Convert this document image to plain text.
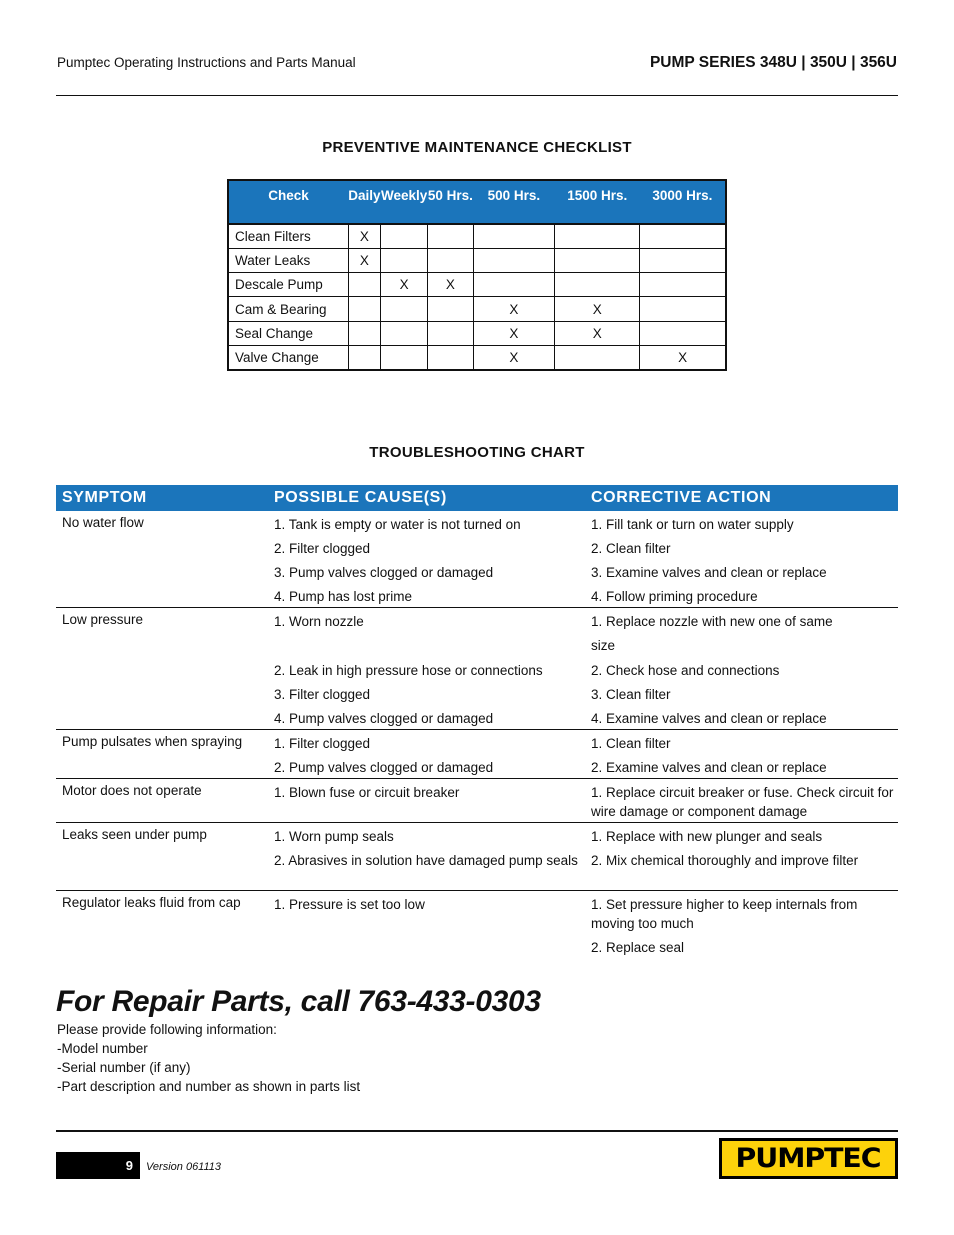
Pumptec Operating Instructions and Parts Manual	PUMP SERIES 348U | 350U | 356U
PREVENTIVE MAINTENANCE CHECKLIST
Check	Daily	Weekly	50 Hrs.	500 Hrs.	1500 Hrs.	3000 Hrs.
Clean Filters	X					
Water Leaks	X					
Descale Pump		X	X			
Cam & Bearing				X	X	
Seal Change				X	X	
Valve Change				X		X
TROUBLESHOOTING CHART
SYMPTOM	POSSIBLE CAUSE(S)	CORRECTIVE ACTION
No water flow	1. Tank is empty or water is not turned on	1. Fill tank or turn on water supply
2. Filter clogged	2. Clean filter
3. Pump valves clogged or damaged	3. Examine valves and clean or replace
4. Pump has lost prime	4. Follow priming procedure
Low pressure	1. Worn nozzle	1. Replace nozzle with new one of same
size
2. Leak in high pressure hose or connections	2. Check hose and connections
3. Filter clogged	3. Clean filter
4. Pump valves clogged or damaged	4. Examine valves and clean or replace
Pump pulsates when spraying	1. Filter clogged	1. Clean filter
2. Pump valves clogged or damaged	2. Examine valves and clean or replace
Motor does not operate	1. Blown fuse or circuit breaker	1. Replace circuit breaker or fuse. Check circuit for wire damage or component damage
Leaks seen under pump	1. Worn pump seals	1. Replace with new plunger and seals
2. Abrasives in solution have damaged pump seals 2. Mix chemical thoroughly and improve filter
Regulator leaks fluid from cap	1. Pressure is set too low	1. Set pressure higher to keep internals from moving too much
2. Replace seal
For Repair Parts, call 763-433-0303
Please provide following information:
-Model number
-Serial number (if any)
-Part description and number as shown in parts list
9 Version 061113	PUMPTEC
